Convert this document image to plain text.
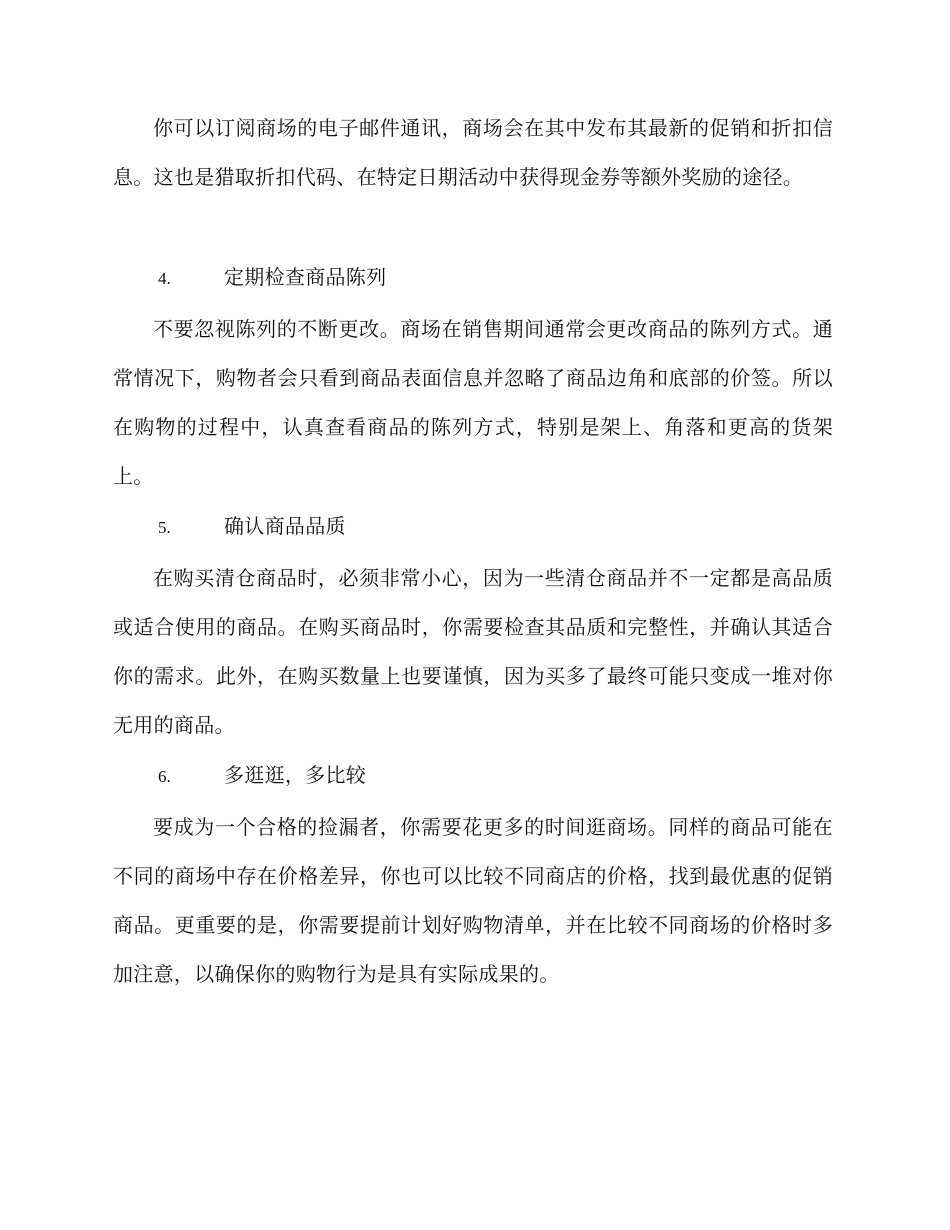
你可以订阅商场的电子邮件通讯，商场会在其中发布其最新的促销和折扣信息。这也是猎取折扣代码、在特定日期活动中获得现金券等额外奖励的途径。

4.	定期检查商品陈列

不要忽视陈列的不断更改。商场在销售期间通常会更改商品的陈列方式。通常情况下，购物者会只看到商品表面信息并忽略了商品边角和底部的价签。所以在购物的过程中，认真查看商品的陈列方式，特别是架上、角落和更高的货架上。

5.	确认商品品质

在购买清仓商品时，必须非常小心，因为一些清仓商品并不一定都是高品质或适合使用的商品。在购买商品时，你需要检查其品质和完整性，并确认其适合你的需求。此外，在购买数量上也要谨慎，因为买多了最终可能只变成一堆对你无用的商品。

6.	多逛逛，多比较

要成为一个合格的捡漏者，你需要花更多的时间逛商场。同样的商品可能在不同的商场中存在价格差异，你也可以比较不同商店的价格，找到最优惠的促销商品。更重要的是，你需要提前计划好购物清单，并在比较不同商场的价格时多加注意，以确保你的购物行为是具有实际成果的。
